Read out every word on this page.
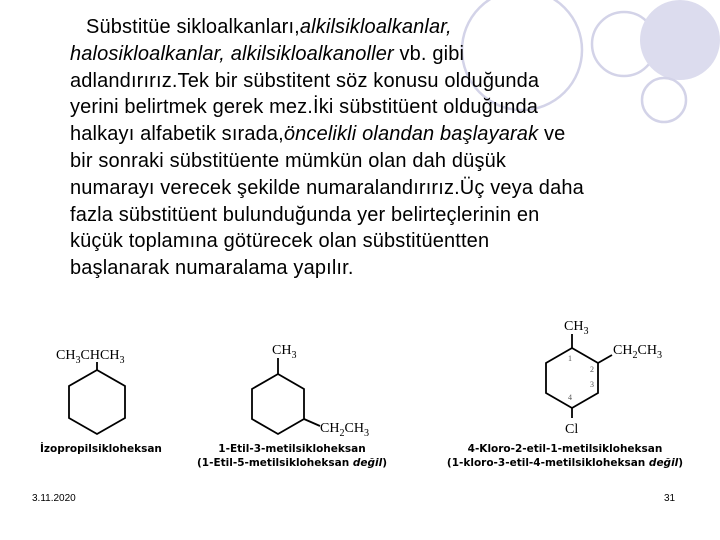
Sübstitüe sikloalkanları,alkilsikloalkanlar,
halosikloalkanlar, alkilsikloalkanoller vb. gibi
adlandırırız.Tek bir sübstitent söz konusu olduğunda
yerini belirtmek gerek mez.İki sübstitüent olduğunda
halkayı alfabetik sırada,öncelikli olandan başlayarak ve
bir sonraki sübstitüente mümkün olan dah düşük
numarayı verecek şekilde numaralandırırız.Üç veya daha
fazla sübstitüent bulunduğunda yer belirteçlerinin en
küçük toplamına götürecek olan sübstitüentten
başlanarak numaralama yapılır.
$CH_3CHCH_3$
$CH_3$
$CH_2CH_3$
$CH_3$
$CH_2CH_3$
Cl
1
2
3
4
İzopropilsikloheksan	1-Etil-3-metilsikloheksan
(1-Etil-5-metilsikloheksan değil)
4-Kloro-2-etil-1-metilsikloheksan
(1-kloro-3-etil-4-metilsikloheksan değil)
3.11.2020	31
